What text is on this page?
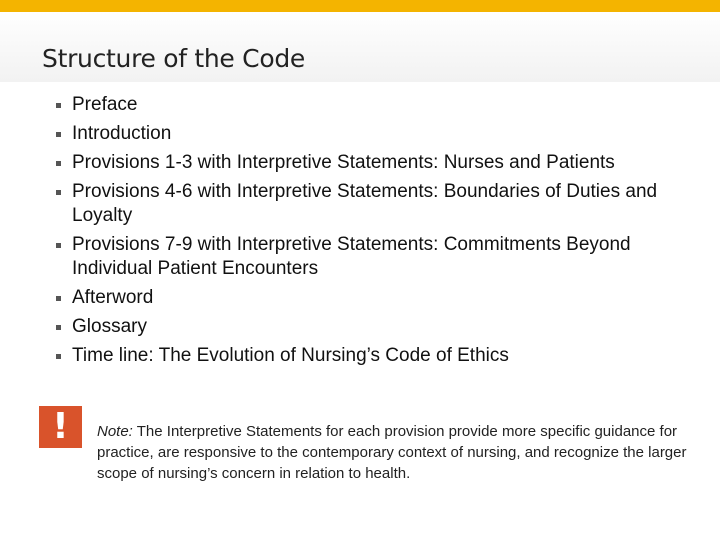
Structure of the Code
Preface
Introduction
Provisions 1-3 with Interpretive Statements: Nurses and Patients
Provisions 4-6 with Interpretive Statements: Boundaries of Duties and Loyalty
Provisions 7-9 with Interpretive Statements: Commitments Beyond Individual Patient Encounters
Afterword
Glossary
Time line: The Evolution of Nursing’s Code of Ethics
! Note: The Interpretive Statements for each provision provide more specific guidance for practice, are responsive to the contemporary context of nursing, and recognize the larger scope of nursing’s concern in relation to health.
